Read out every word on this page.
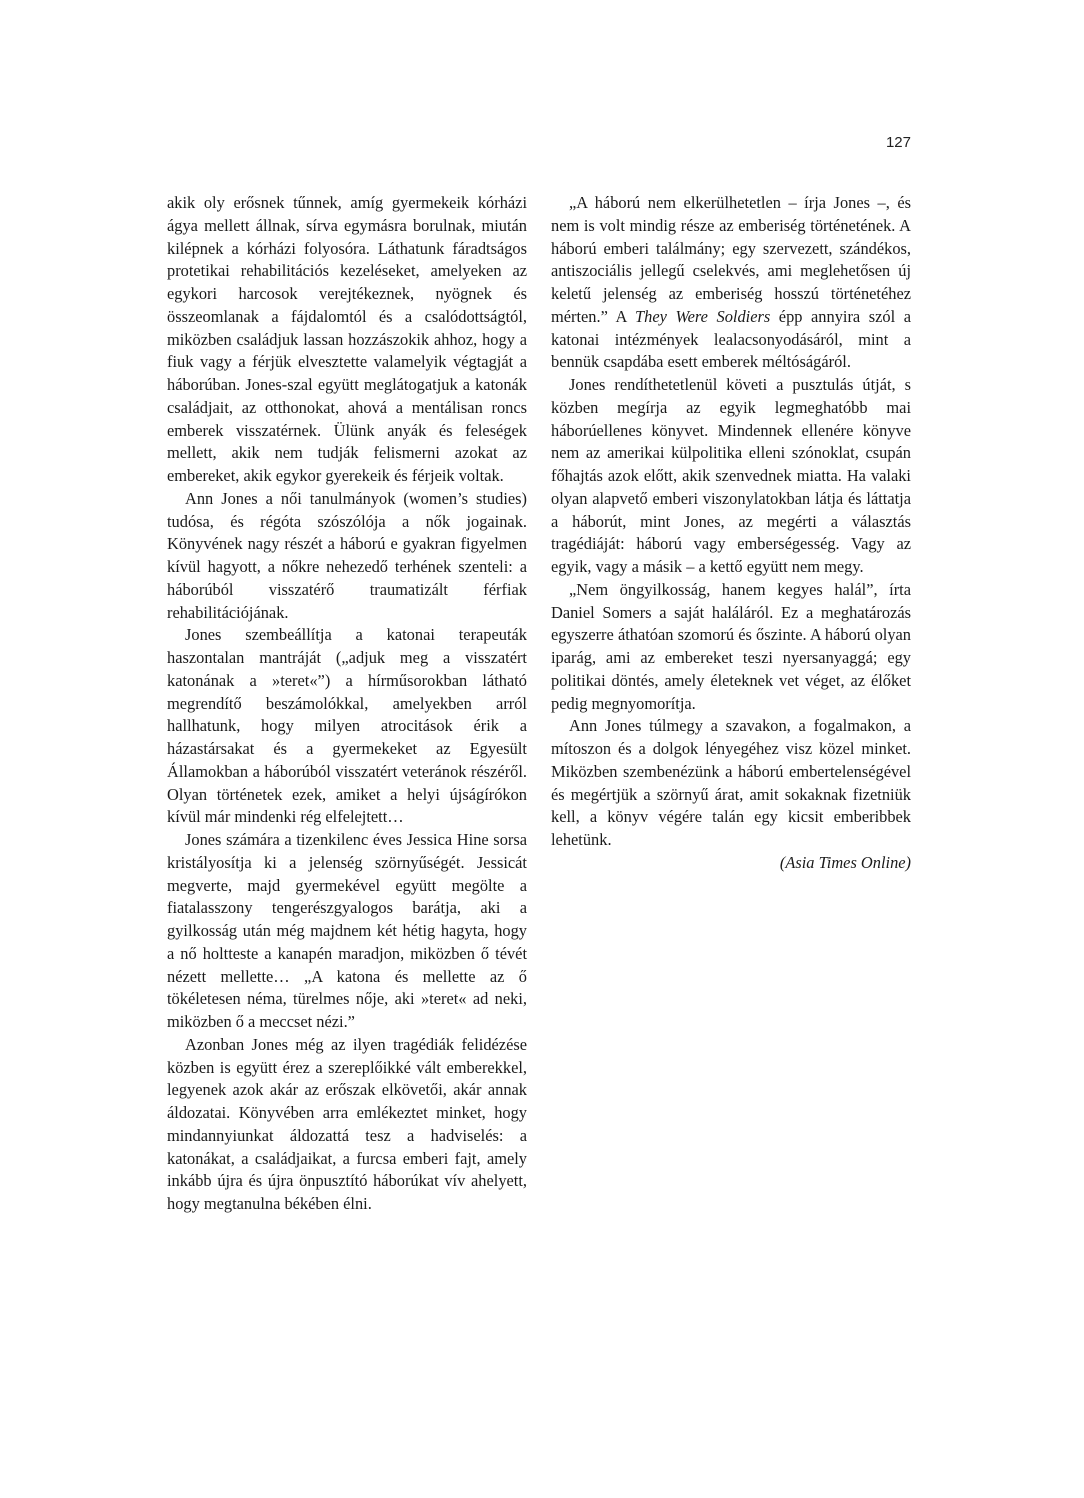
127

akik oly erősnek tűnnek, amíg gyermekeik kórházi ágya mellett állnak, sírva egymásra borulnak, miután kilépnek a kórházi folyosóra. Láthatunk fáradtságos protetikai rehabilitációs kezeléseket, amelyeken az egykori harcosok verejtékeznek, nyögnek és összeomlanak a fájdalomtól és a csalódottságtól, miközben családjuk lassan hozzászokik ahhoz, hogy a fiuk vagy a férjük elvesztette valamelyik végtagját a háborúban. Jones-szal együtt meglátogatjuk a katonák családjait, az otthonokat, ahová a mentálisan roncs emberek visszatérnek. Ülünk anyák és feleségek mellett, akik nem tudják felismerni azokat az embereket, akik egykor gyerekeik és férjeik voltak.

Ann Jones a női tanulmányok (women’s studies) tudósa, és régóta szószólója a nők jogainak. Könyvének nagy részét a háború e gyakran figyelmen kívül hagyott, a nőkre nehezedő terhének szenteli: a háborúból visszatérő traumatizált férfiak rehabilitációjának.

Jones szembeállítja a katonai terapeuták haszontalan mantráját („adjuk meg a visszatért katonának a »teret«”) a hírműsorokban látható megrendítő beszámolókkal, amelyekben arról hallhatunk, hogy milyen atrocitások érik a házastársakat és a gyermekeket az Egyesült Államokban a háborúból visszatért veteránok részéről. Olyan történetek ezek, amiket a helyi újságírókon kívül már mindenki rég elfelejtett…

Jones számára a tizenkilenc éves Jessica Hine sorsa kristályosítja ki a jelenség szörnyűségét. Jessicát megverte, majd gyermekével együtt megölte a fiatalasszony tengerészgyalogos barátja, aki a gyilkosság után még majdnem két hétig hagyta, hogy a nő holtteste a kanapén maradjon, miközben ő tévét nézett mellette… „A katona és mellette az ő tökéletesen néma, türelmes nője, aki »teret« ad neki, miközben ő a meccset nézi.”

Azonban Jones még az ilyen tragédiák felidézése közben is együtt érez a szereplőikké vált emberekkel, legyenek azok akár az erőszak elkövetői, akár annak áldozatai. Könyvében arra emlékeztet minket, hogy mindannyiunkat áldozattá tesz a hadviselés: a katonákat, a családjaikat, a furcsa emberi fajt, amely inkább újra és újra önpusztító háborúkat vív ahelyett, hogy megtanulna békében élni.

„A háború nem elkerülhetetlen – írja Jones –, és nem is volt mindig része az emberiség történetének. A háború emberi találmány; egy szervezett, szándékos, antiszociális jellegű cselekvés, ami meglehetősen új keletű jelenség az emberiség hosszú történetéhez mérten.” A They Were Soldiers épp annyira szól a katonai intézmények lealacsonyodásáról, mint a bennük csapdába esett emberek méltóságáról.

Jones rendíthetetlenül követi a pusztulás útját, s közben megírja az egyik legmeghatóbb mai háborúellenes könyvet. Mindennek ellenére könyve nem az amerikai külpolitika elleni szónoklat, csupán főhajtás azok előtt, akik szenvednek miatta. Ha valaki olyan alapvető emberi viszonylatokban látja és láttatja a háborút, mint Jones, az megérti a választás tragédiáját: háború vagy emberségesség. Vagy az egyik, vagy a másik – a kettő együtt nem megy.

„Nem öngyilkosság, hanem kegyes halál”, írta Daniel Somers a saját haláláról. Ez a meghatározás egyszerre áthatóan szomorú és őszinte. A háború olyan iparág, ami az embereket teszi nyersanyaggá; egy politikai döntés, amely életeknek vet véget, az élőket pedig megnyomorítja.

Ann Jones túlmegy a szavakon, a fogalmakon, a mítoszon és a dolgok lényegéhez visz közel minket. Miközben szembenézünk a háború embertelenségével és megértjük a szörnyű árat, amit sokaknak fizetniük kell, a könyv végére talán egy kicsit emberibbek lehetünk.

(Asia Times Online)
